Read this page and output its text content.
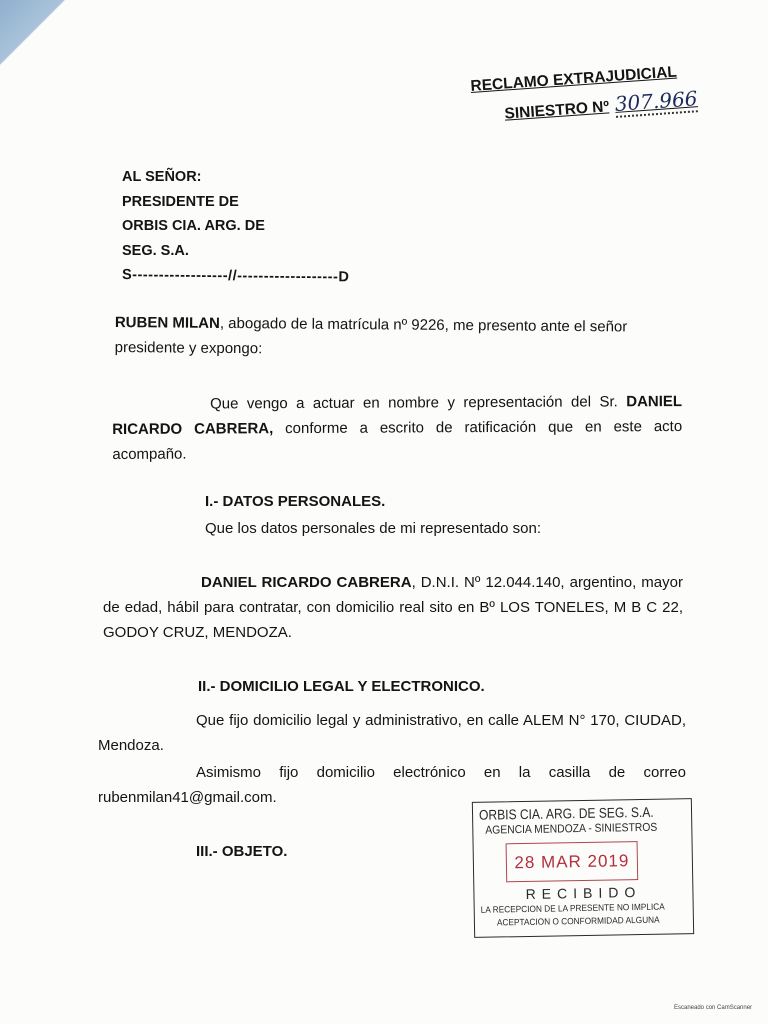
RECLAMO EXTRAJUDICIAL
SINIESTRO Nº 307.966
AL SEÑOR:
PRESIDENTE DE
ORBIS CIA. ARG. DE
SEG. S.A.
S------------------//-------------------D
RUBEN MILAN, abogado de la matrícula nº 9226, me presento ante el señor presidente y expongo:
Que vengo a actuar en nombre y representación del Sr. DANIEL RICARDO CABRERA, conforme a escrito de ratificación que en este acto acompaño.
I.- DATOS PERSONALES.
Que los datos personales de mi representado son:
DANIEL RICARDO CABRERA, D.N.I. Nº 12.044.140, argentino, mayor de edad, hábil para contratar, con domicilio real sito en Bº LOS TONELES, M B C 22, GODOY CRUZ, MENDOZA.
II.- DOMICILIO LEGAL Y ELECTRONICO.
Que fijo domicilio legal y administrativo, en calle ALEM N° 170, CIUDAD, Mendoza.
Asimismo fijo domicilio electrónico en la casilla de correo rubenmilan41@gmail.com.
III.- OBJETO.
ORBIS CIA. ARG. DE SEG. S.A.
AGENCIA MENDOZA - SINIESTROS
28 MAR 2019
RECIBIDO
LA RECEPCION DE LA PRESENTE NO IMPLICA
ACEPTACION O CONFORMIDAD ALGUNA
Escaneado con CamScanner
